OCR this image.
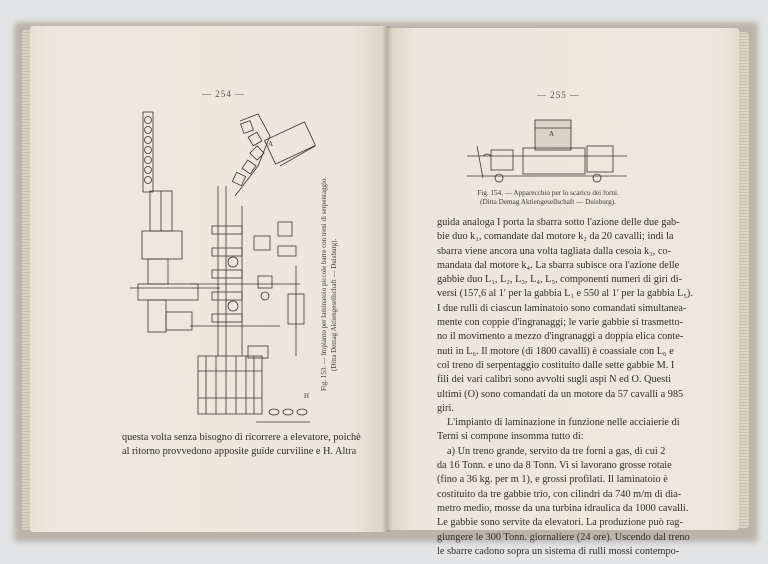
— 254 —
A
H
Fig. 153. — Impianto per laminatoio piccole barre con treni di serpentaggio. (Ditta Demag Aktiengesellschaft — Duisburg).
questa volta senza bisogno di ricorrere a elevatore, poichè
al ritorno provvedono apposite guide curviline e H. Altra
— 255 —
A
Fig. 154. — Apparecchio per lo scarico dei forni.
(Ditta Demag Aktiengesellschaft — Duisburg).
guida analoga I porta la sbarra sotto l'azione delle due gab-
bie duo k₁, comandate dal motore k₂ da 20 cavalli; indi la
sbarra viene ancora una volta tagliata dalla cesoia k₃, co-
mandata dal motore k₄. La sbarra subisce ora l'azione delle
gabbie duo L₁, L₂, L₃, L₄, L₅, componenti numeri di giri di-
versi (157,6 al 1' per la gabbia L₁ e 550 al 1' per la gabbia L₅).
I due rulli di ciascun laminatoio sono comandati simultanea-
mente con coppie d'ingranaggi; le varie gabbie si trasmetto-
no il movimento a mezzo d'ingranaggi a doppia elica conte-
nuti in L₆. Il motore (di 1800 cavalli) è coassiale con L₆ e
col treno di serpentaggio costituito dalle sette gabbie M. I
fili dei vari calibri sono avvolti sugli aspi N ed O. Questi
ultimi (O) sono comandati da un motore da 57 cavalli a 985
giri.
L'impianto di laminazione in funzione nelle acciaierie di
Terni si compone insomma tutto di:
a) Un treno grande, servito da tre forni a gas, di cui 2
da 16 Tonn. e uno da 8 Tonn. Vi si lavorano grosse rotaie
(fino a 36 kg. per m 1), e grossi profilati. Il laminatoio è
costituito da tre gabbie trio, con cilindri da 740 m/m di dia-
metro medio, mosse da una turbina idraulica da 1000 cavalli.
Le gabbie sono servite da elevatori. La produzione può rag-
giungere le 300 Tonn. giornaliere (24 ore). Uscendo dal treno
le sbarre cadono sopra un sistema di rulli mossi contempo-
